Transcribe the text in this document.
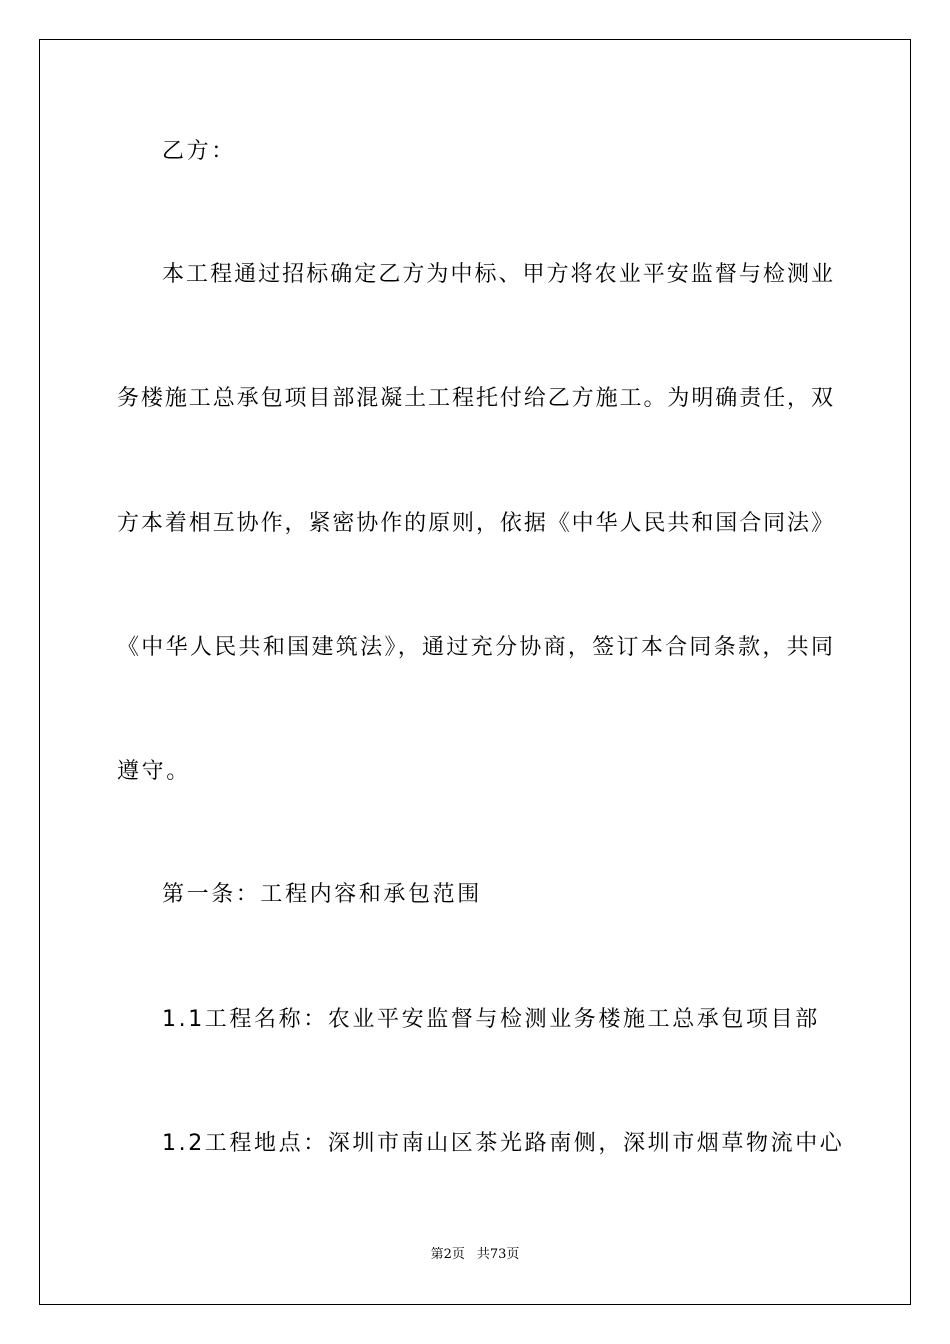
乙方：
本工程通过招标确定乙方为中标、甲方将农业平安监督与检测业
务楼施工总承包项目部混凝土工程托付给乙方施工。为明确责任，双
方本着相互协作，紧密协作的原则，依据《中华人民共和国合同法》
《中华人民共和国建筑法》，通过充分协商，签订本合同条款，共同
遵守。
第一条：工程内容和承包范围
1.1工程名称：农业平安监督与检测业务楼施工总承包项目部
1.2工程地点：深圳市南山区茶光路南侧，深圳市烟草物流中心
第2页 共73页
